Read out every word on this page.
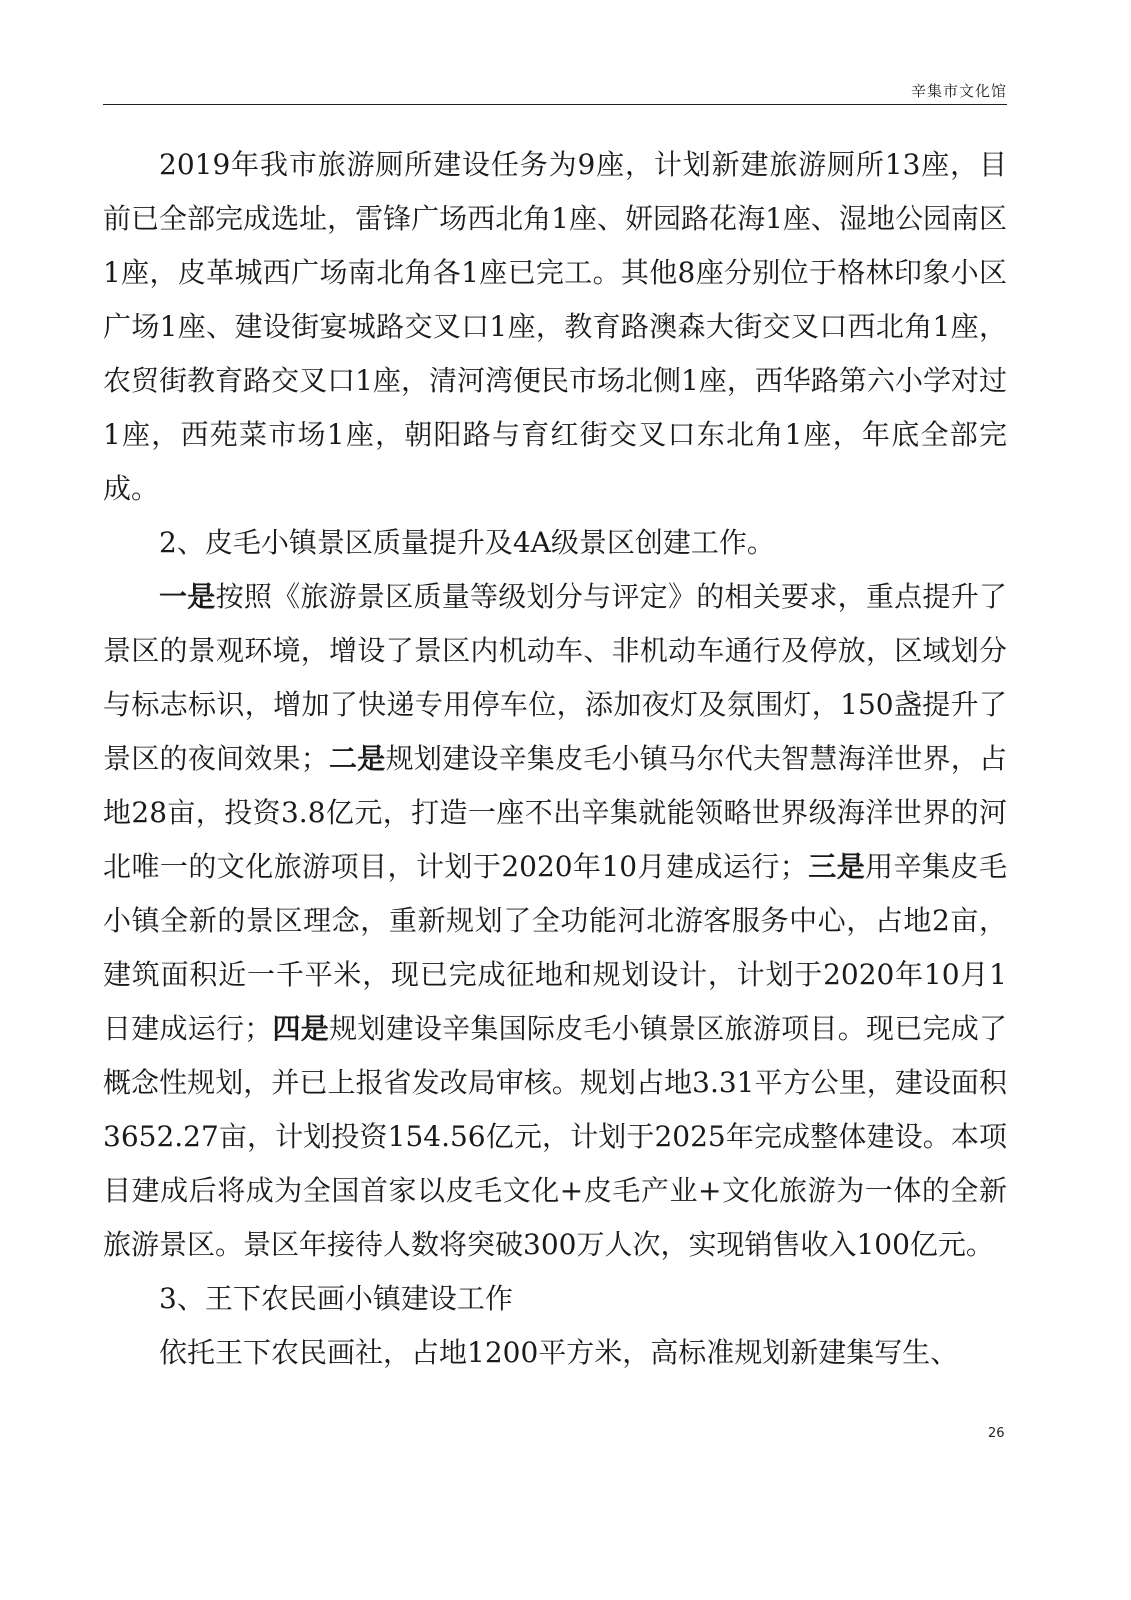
辛集市文化馆

2019年我市旅游厕所建设任务为9座，计划新建旅游厕所13座，目前已全部完成选址，雷锋广场西北角1座、妍园路花海1座、湿地公园南区1座，皮革城西广场南北角各1座已完工。其他8座分别位于格林印象小区广场1座、建设街宴城路交叉口1座，教育路澳森大街交叉口西北角1座，农贸街教育路交叉口1座，清河湾便民市场北侧1座，西华路第六小学对过1座，西苑菜市场1座，朝阳路与育红街交叉口东北角1座，年底全部完成。

2、皮毛小镇景区质量提升及4A级景区创建工作。

一是按照《旅游景区质量等级划分与评定》的相关要求，重点提升了景区的景观环境，增设了景区内机动车、非机动车通行及停放，区域划分与标志标识，增加了快递专用停车位，添加夜灯及氛围灯，150盏提升了景区的夜间效果；二是规划建设辛集皮毛小镇马尔代夫智慧海洋世界，占地28亩，投资3.8亿元，打造一座不出辛集就能领略世界级海洋世界的河北唯一的文化旅游项目，计划于2020年10月建成运行；三是用辛集皮毛小镇全新的景区理念，重新规划了全功能河北游客服务中心，占地2亩，建筑面积近一千平米，现已完成征地和规划设计，计划于2020年10月1日建成运行；四是规划建设辛集国际皮毛小镇景区旅游项目。现已完成了概念性规划，并已上报省发改局审核。规划占地3.31平方公里，建设面积3652.27亩，计划投资154.56亿元，计划于2025年完成整体建设。本项目建成后将成为全国首家以皮毛文化+皮毛产业+文化旅游为一体的全新旅游景区。景区年接待人数将突破300万人次，实现销售收入100亿元。

3、王下农民画小镇建设工作

依托王下农民画社，占地1200平方米，高标准规划新建集写生、

26
